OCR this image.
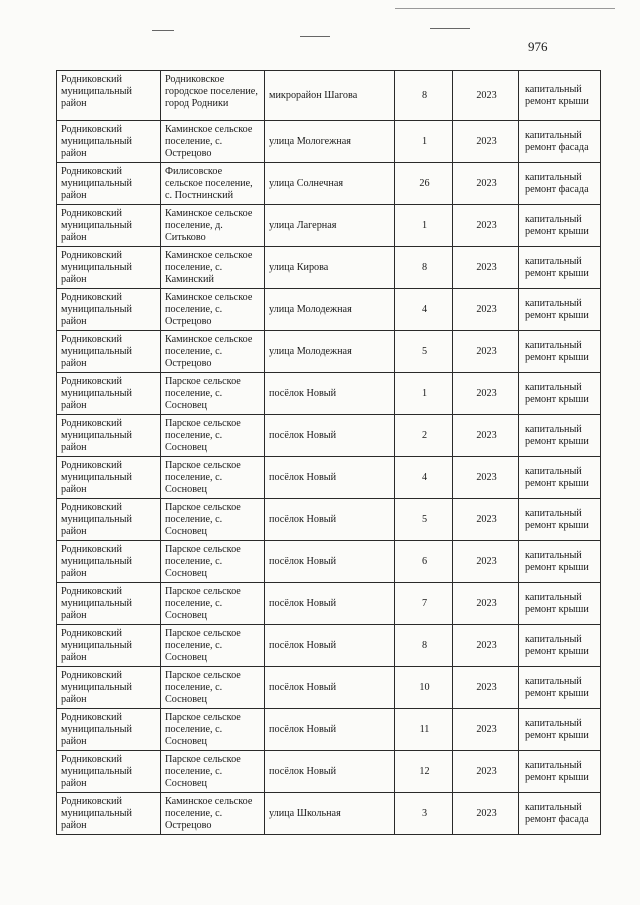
976
Родниковский муниципальный район	Родниковское городское поселение, город Родники	микрорайон Шагова	8	2023	капитальный ремонт крыши
Родниковский муниципальный район	Каминское сельское поселение, с. Острецово	улица Мологежная	1	2023	капитальный ремонт фасада
Родниковский муниципальный район	Филисовское сельское поселение, с. Постнинский	улица Солнечная	26	2023	капитальный ремонт фасада
Родниковский муниципальный район	Каминское сельское поселение, д. Ситьково	улица Лагерная	1	2023	капитальный ремонт крыши
Родниковский муниципальный район	Каминское сельское поселение, с. Каминский	улица Кирова	8	2023	капитальный ремонт крыши
Родниковский муниципальный район	Каминское сельское поселение, с. Острецово	улица Молодежная	4	2023	капитальный ремонт крыши
Родниковский муниципальный район	Каминское сельское поселение, с. Острецово	улица Молодежная	5	2023	капитальный ремонт крыши
Родниковский муниципальный район	Парское сельское поселение, с. Сосновец	посёлок Новый	1	2023	капитальный ремонт крыши
Родниковский муниципальный район	Парское сельское поселение, с. Сосновец	посёлок Новый	2	2023	капитальный ремонт крыши
Родниковский муниципальный район	Парское сельское поселение, с. Сосновец	посёлок Новый	4	2023	капитальный ремонт крыши
Родниковский муниципальный район	Парское сельское поселение, с. Сосновец	посёлок Новый	5	2023	капитальный ремонт крыши
Родниковский муниципальный район	Парское сельское поселение, с. Сосновец	посёлок Новый	6	2023	капитальный ремонт крыши
Родниковский муниципальный район	Парское сельское поселение, с. Сосновец	посёлок Новый	7	2023	капитальный ремонт крыши
Родниковский муниципальный район	Парское сельское поселение, с. Сосновец	посёлок Новый	8	2023	капитальный ремонт крыши
Родниковский муниципальный район	Парское сельское поселение, с. Сосновец	посёлок Новый	10	2023	капитальный ремонт крыши
Родниковский муниципальный район	Парское сельское поселение, с. Сосновец	посёлок Новый	11	2023	капитальный ремонт крыши
Родниковский муниципальный район	Парское сельское поселение, с. Сосновец	посёлок Новый	12	2023	капитальный ремонт крыши
Родниковский муниципальный район	Каминское сельское поселение, с. Острецово	улица Школьная	3	2023	капитальный ремонт фасада
